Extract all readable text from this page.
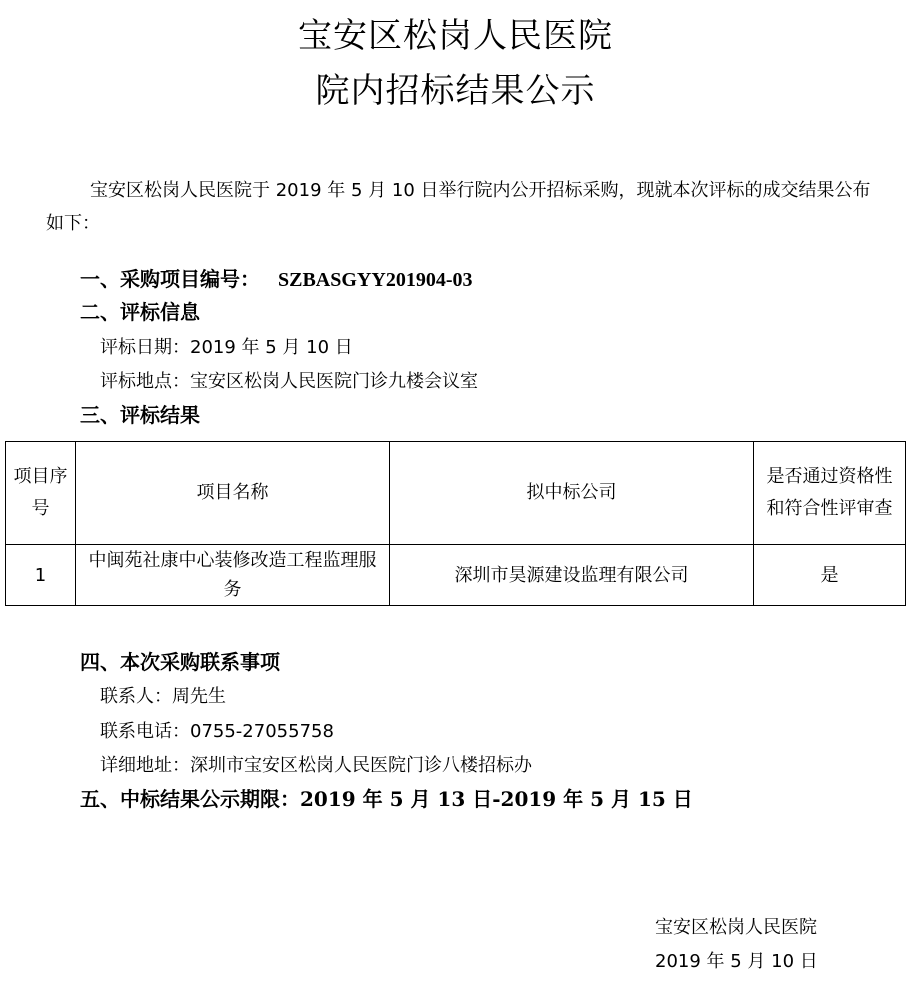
宝安区松岗人民医院
院内招标结果公示

宝安区松岗人民医院于 2019 年 5 月 10 日举行院内公开招标采购，现就本次评标的成交结果公布如下：

一、采购项目编号： SZBASGYY201904-03
二、评标信息
评标日期：2019 年 5 月 10 日
评标地点：宝安区松岗人民医院门诊九楼会议室
三、评标结果
项目序号	项目名称	拟中标公司	是否通过资格性和符合性评审查
1	中闽苑社康中心装修改造工程监理服务	深圳市昊源建设监理有限公司	是
四、本次采购联系事项
联系人：周先生
联系电话：0755-27055758
详细地址：深圳市宝安区松岗人民医院门诊八楼招标办
五、中标结果公示期限：2019 年 5 月 13 日-2019 年 5 月 15 日
宝安区松岗人民医院
2019 年 5 月 10 日
